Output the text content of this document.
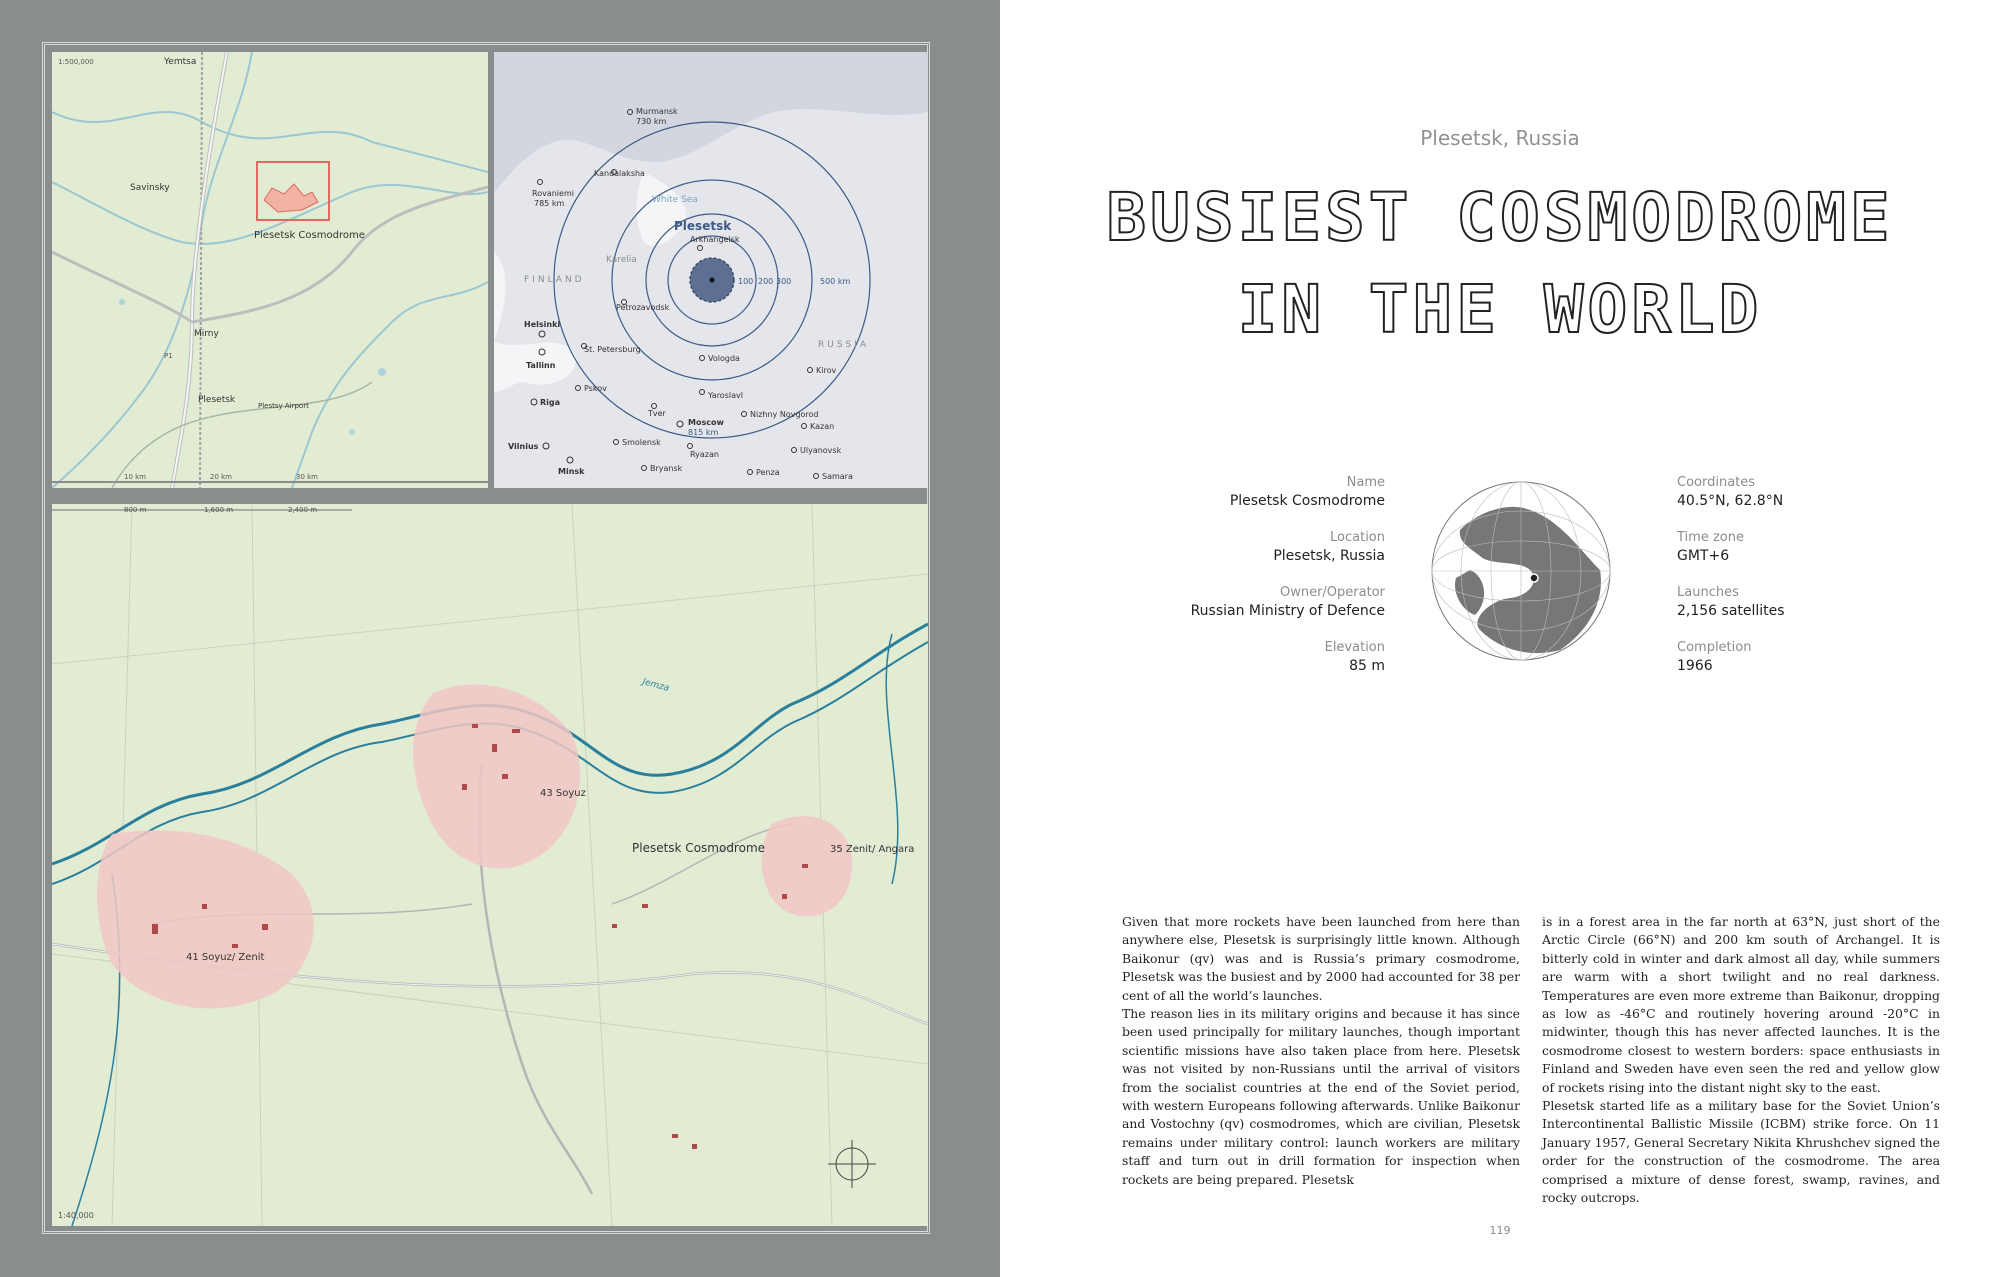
1:500,000	Yemtsa
Savinsky
Plesetsk Cosmodrome
Mirny
Plesetsk
Plestsy Airport
P1
10 km	20 km	30 km
Plesetsk
100 200 300	500 km
White Sea
FINLAND
Karelia
RUSSIA
Murmansk
730 km
Kandalaksha
Rovaniemi
785 km
Arkhangelsk
Petrozavodsk
Helsinki
Tallinn
St. Petersburg
Vologda
Kirov
Pskov
Riga
Yaroslavl
Tver	Nizhny Novgorod
Moscow
815 km
Kazan
Smolensk
Vilnius
Ryazan	Ulyanovsk
Minsk	Bryansk	Penza	Samara
800 m	1,600 m	2,400 m
1:40,000
Jemza
43 Soyuz
Plesetsk Cosmodrome	35 Zenit/ Angara
41 Soyuz/ Zenit
Plesetsk, Russia
BUSIEST COSMODROME
IN THE WORLD
Name
Plesetsk Cosmodrome
Location
Plesetsk, Russia
Owner/Operator
Russian Ministry of Defence
Elevation
85 m
Coordinates
40.5°N, 62.8°N
Time zone
GMT+6
Launches
2,156 satellites
Completion
1966

Given that more rockets have been launched from here than anywhere else, Plesetsk is surprisingly little known. Although Baikonur (qv) was and is Russia’s primary cosmodrome, Plesetsk was the busiest and by 2000 had accounted for 38 per cent of all the world’s launches.

The reason lies in its military origins and because it has since been used principally for military launches, though important scientific missions have also taken place from here. Plesetsk was not visited by non-Russians until the arrival of visitors from the socialist countries at the end of the Soviet period, with western Europeans following afterwards. Unlike Baikonur and Vostochny (qv) cosmodromes, which are civilian, Plesetsk remains under military control: launch workers are military staff and turn out in drill formation for inspection when rockets are being prepared. Plesetsk

is in a forest area in the far north at 63°N, just short of the Arctic Circle (66°N) and 200 km south of Archangel. It is bitterly cold in winter and dark almost all day, while summers are warm with a short twilight and no real darkness. Temperatures are even more extreme than Baikonur, dropping as low as -46°C and routinely hovering around -20°C in midwinter, though this has never affected launches. It is the cosmodrome closest to western borders: space enthusiasts in Finland and Sweden have even seen the red and yellow glow of rockets rising into the distant night sky to the east.

Plesetsk started life as a military base for the Soviet Union’s Intercontinental Ballistic Missile (ICBM) strike force. On 11 January 1957, General Secretary Nikita Khrushchev signed the order for the construction of the cosmodrome. The area comprised a mixture of dense forest, swamp, ravines, and rocky outcrops.

119
